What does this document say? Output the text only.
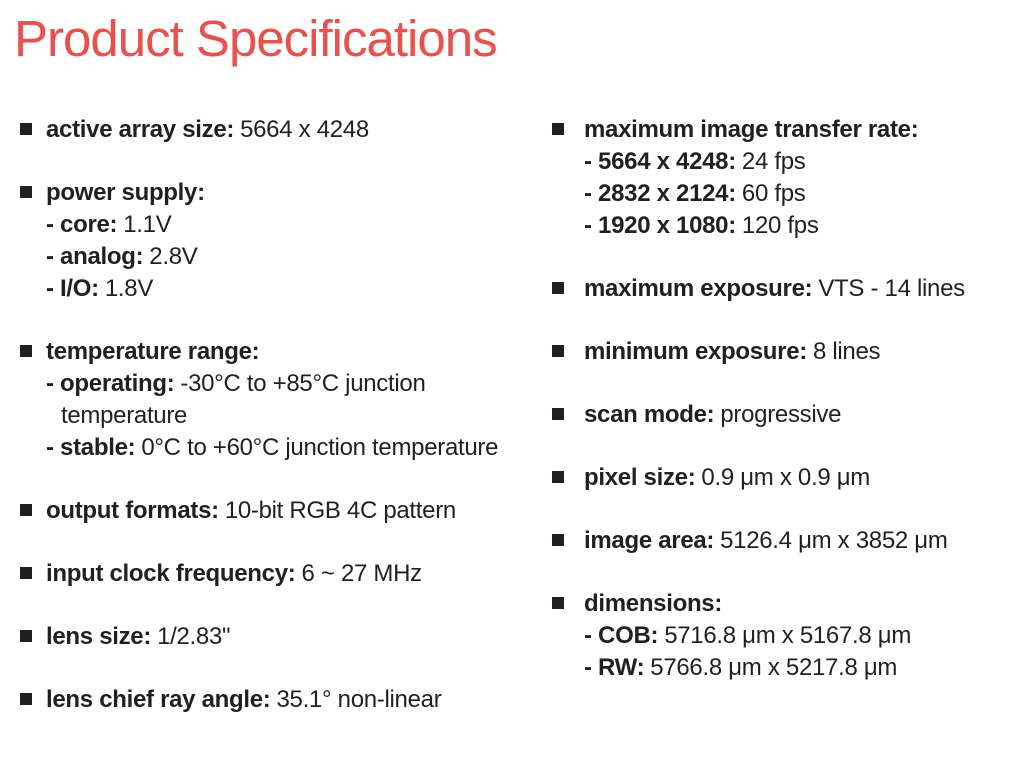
Product Specifications
active array size: 5664 x 4248
power supply:
- core: 1.1V
- analog: 2.8V
- I/O: 1.8V
temperature range:
- operating: -30°C to +85°C junction temperature
- stable: 0°C to +60°C junction temperature
output formats: 10-bit RGB 4C pattern
input clock frequency: 6 ~ 27 MHz
lens size: 1/2.83"
lens chief ray angle: 35.1° non-linear
maximum image transfer rate:
- 5664 x 4248: 24 fps
- 2832 x 2124: 60 fps
- 1920 x 1080: 120 fps
maximum exposure: VTS - 14 lines
minimum exposure: 8 lines
scan mode: progressive
pixel size: 0.9 μm x 0.9 μm
image area: 5126.4 μm x 3852 μm
dimensions:
- COB: 5716.8 μm x 5167.8 μm
- RW: 5766.8 μm x 5217.8 μm
